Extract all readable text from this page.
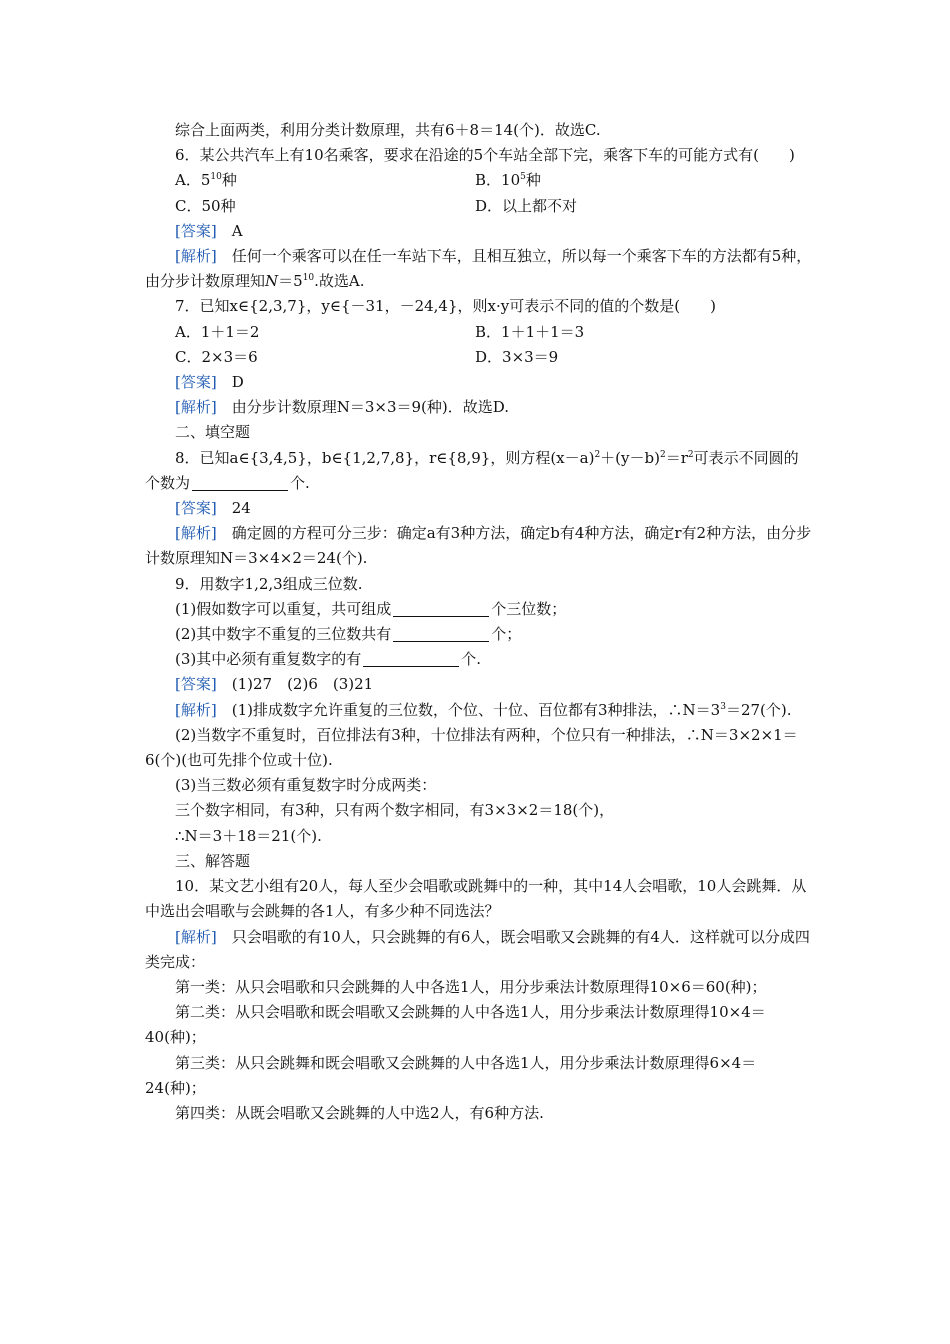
综合上面两类，利用分类计数原理，共有6＋8＝14(个)．故选C.

6．某公共汽车上有10名乘客，要求在沿途的5个车站全部下完，乘客下车的可能方式有(　　)

A．$5^{10}$种	B．$10^5$种
C．50种	D．以上都不对

[答案]　 A

[解析]　 任何一个乘客可以在任一车站下车，且相互独立，所以每一个乘客下车的方法都有5种，由分步计数原理知$N=5^{10}$.故选A.

7．已知x∈{2,3,7}，y∈{－31，－24,4}，则x·y可表示不同的值的个数是(　　)

A．1＋1＝2	B．1＋1＋1＝3
C．2×3＝6	D．3×3＝9

[答案]　 D

[解析]　 由分步计数原理N＝3×3＝9(种)．故选D.

二、填空题

8．已知a∈{3,4,5}，b∈{1,2,7,8}，r∈{8,9}，则方程$(x-a)^2+(y-b)^2=r^2$可表示不同圆的个数为	个.

[答案]　 24

[解析]　 确定圆的方程可分三步：确定a有3种方法，确定b有4种方法，确定r有2种方法，由分步计数原理知N＝3×4×2＝24(个).

9．用数字1,2,3组成三位数.

(1)假如数字可以重复，共可组成	个三位数；

(2)其中数字不重复的三位数共有	个；

(3)其中必须有重复数字的有	个.

[答案]　 (1)27　(2)6　(3)21

[解析]　 (1)排成数字允许重复的三位数，个位、十位、百位都有3种排法，$\therefore N=3^3=27$(个).

(2)当数字不重复时，百位排法有3种，十位排法有两种，个位只有一种排法，∴N＝3×2×1＝6(个)(也可先排个位或十位).

(3)当三数必须有重复数字时分成两类：

三个数字相同，有3种，只有两个数字相同，有3×3×2＝18(个)，

∴N＝3＋18＝21(个).

三、解答题

10．某文艺小组有20人，每人至少会唱歌或跳舞中的一种，其中14人会唱歌，10人会跳舞．从中选出会唱歌与会跳舞的各1人，有多少种不同选法？

[解析]　 只会唱歌的有10人，只会跳舞的有6人，既会唱歌又会跳舞的有4人．这样就可以分成四类完成：

第一类：从只会唱歌和只会跳舞的人中各选1人，用分步乘法计数原理得10×6＝60(种)；

第二类：从只会唱歌和既会唱歌又会跳舞的人中各选1人，用分步乘法计数原理得10×4＝40(种)；

第三类：从只会跳舞和既会唱歌又会跳舞的人中各选1人，用分步乘法计数原理得6×4＝24(种)；

第四类：从既会唱歌又会跳舞的人中选2人，有6种方法.
